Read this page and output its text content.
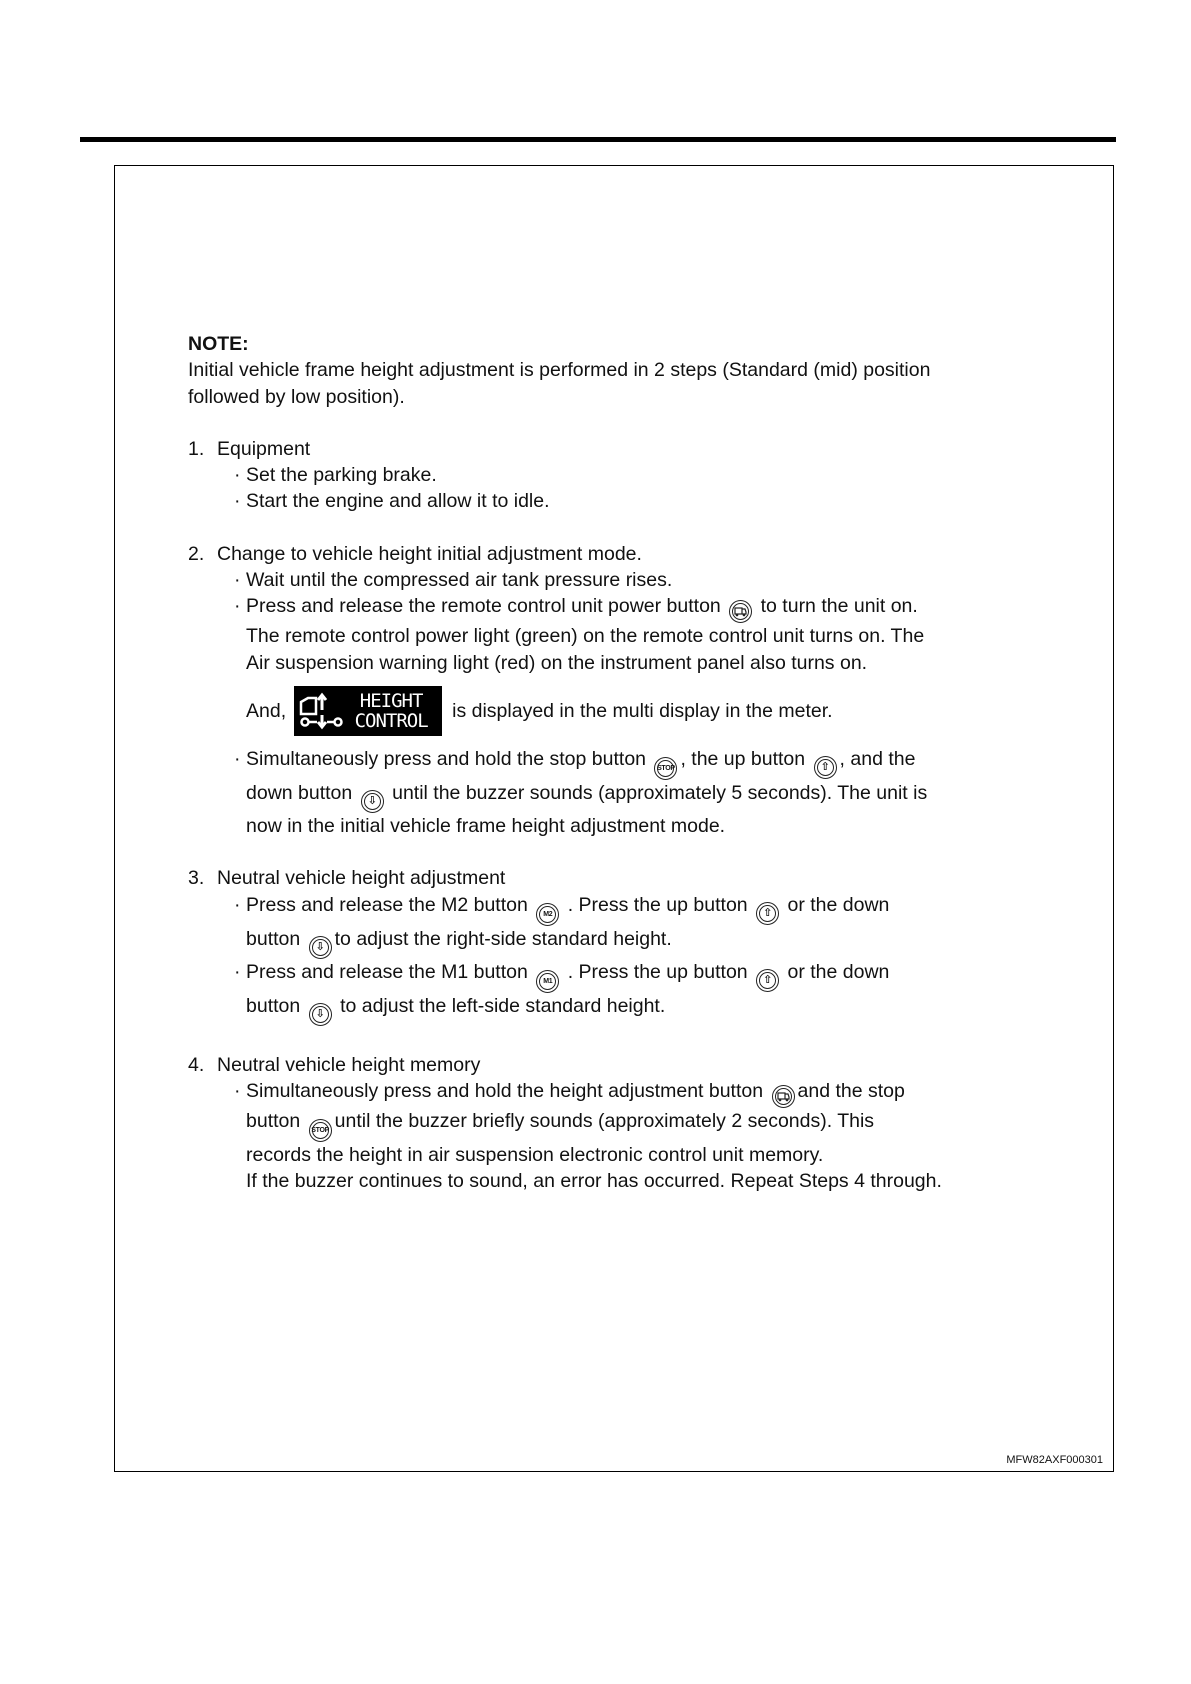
NOTE:

Initial vehicle frame height adjustment is performed in 2 steps (Standard (mid) position

followed by low position).

1. Equipment

· Set the parking brake.

· Start the engine and allow it to idle.

2. Change to vehicle height initial adjustment mode.

· Wait until the compressed air tank pressure rises.

· Press and release the remote control unit power button to turn the unit on.

The remote control power light (green) on the remote control unit turns on. The

Air suspension warning light (red) on the instrument panel also turns on.

And,	HEIGHT
CONTROL	is displayed in the multi display in the meter.

· Simultaneously press and hold the stop button STOP , the up button ⇧ , and the

down button ⇩ until the buzzer sounds (approximately 5 seconds). The unit is

now in the initial vehicle frame height adjustment mode.

3. Neutral vehicle height adjustment

· Press and release the M2 button M2 . Press the up button ⇧ or the down

button ⇩ to adjust the right-side standard height.

· Press and release the M1 button M1 . Press the up button ⇧ or the down

button ⇩ to adjust the left-side standard height.

4. Neutral vehicle height memory

· Simultaneously press and hold the height adjustment button and the stop

button STOP until the buzzer briefly sounds (approximately 2 seconds). This

records the height in air suspension electronic control unit memory.

If the buzzer continues to sound, an error has occurred. Repeat Steps 4 through.

MFW82AXF000301
